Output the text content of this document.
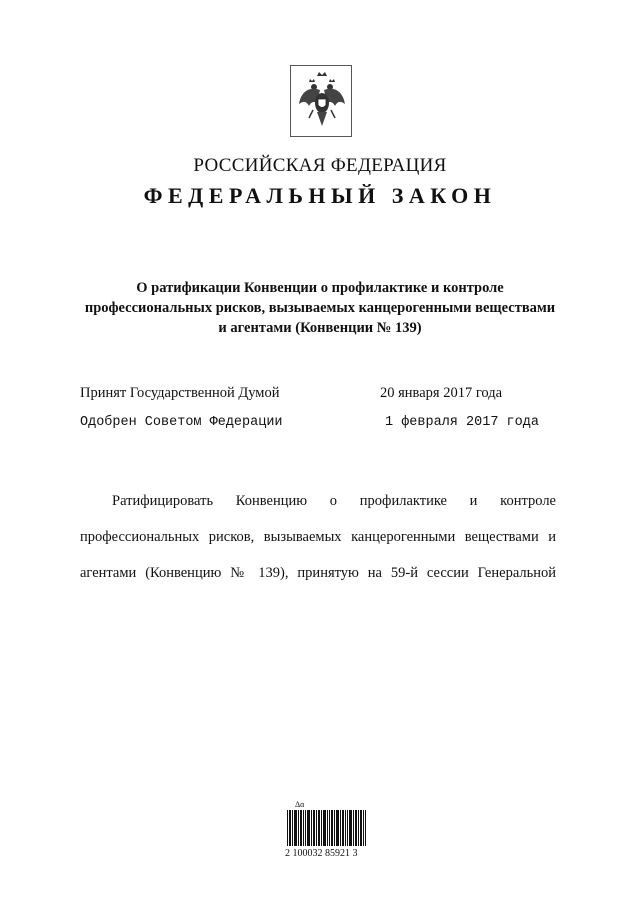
РОССИЙСКАЯ ФЕДЕРАЦИЯ
ФЕДЕРАЛЬНЫЙ ЗАКОН
О ратификации Конвенции о профилактике и контроле
профессиональных рисков, вызываемых канцерогенными веществами
и агентами (Конвенции № 139)
Принят Государственной Думой	20 января 2017 года
Одобрен Советом Федерации	1 февраля 2017 года
Ратифицировать Конвенцию о профилактике и контроле
профессиональных рисков, вызываемых канцерогенными веществами и
агентами (Конвенцию № 139), принятую на 59-й сессии Генеральной
Δα
2 100032 85921 3
